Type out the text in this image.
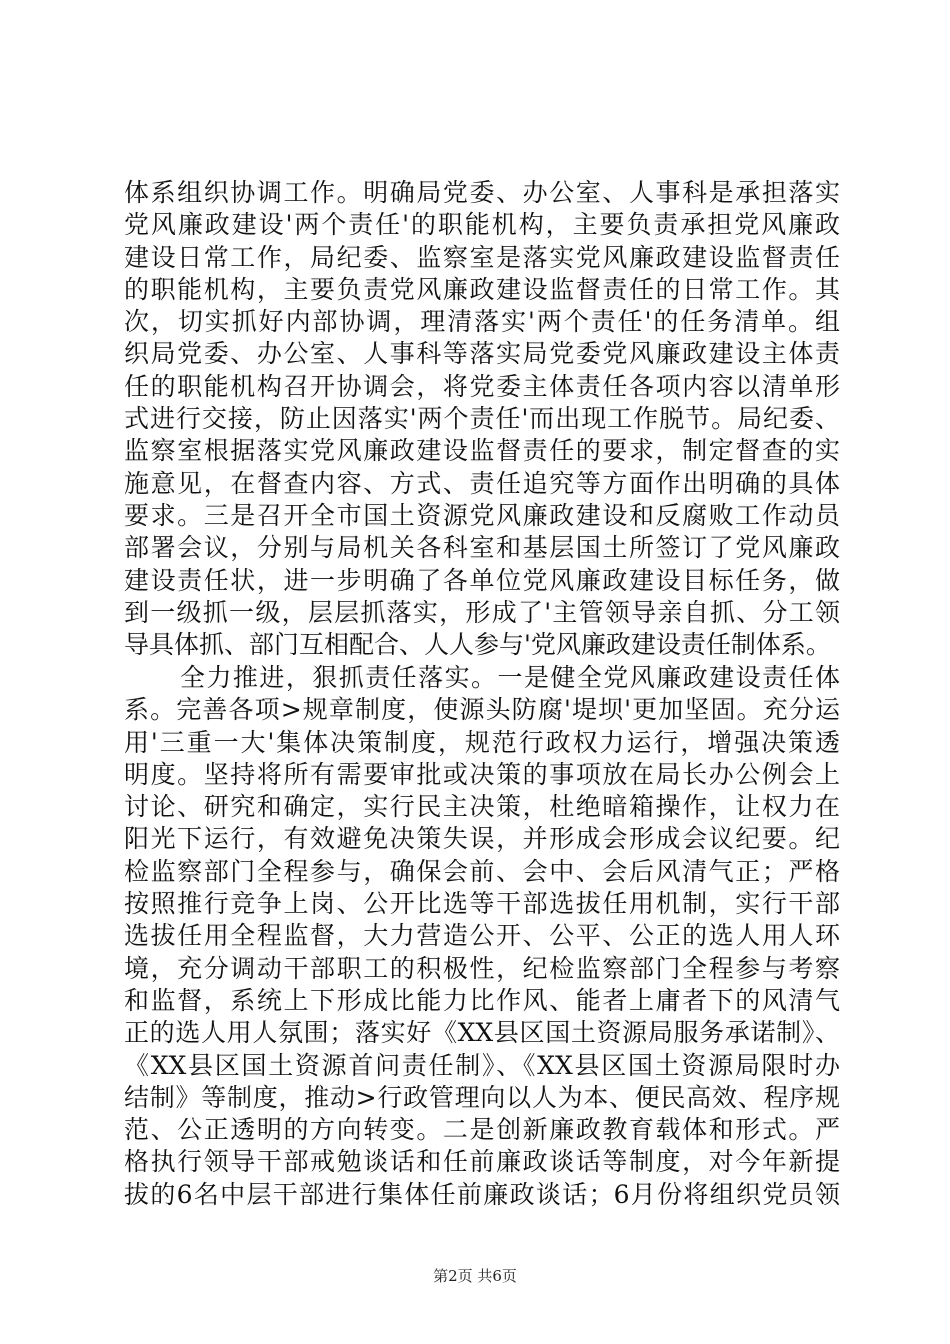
体系组织协调工作。明确局党委、办公室、人事科是承担落实
党风廉政建设'两个责任'的职能机构，主要负责承担党风廉政
建设日常工作，局纪委、监察室是落实党风廉政建设监督责任
的职能机构，主要负责党风廉政建设监督责任的日常工作。其
次，切实抓好内部协调，理清落实'两个责任'的任务清单。组
织局党委、办公室、人事科等落实局党委党风廉政建设主体责
任的职能机构召开协调会，将党委主体责任各项内容以清单形
式进行交接，防止因落实'两个责任'而出现工作脱节。局纪委、
监察室根据落实党风廉政建设监督责任的要求，制定督查的实
施意见，在督查内容、方式、责任追究等方面作出明确的具体
要求。三是召开全市国土资源党风廉政建设和反腐败工作动员
部署会议，分别与局机关各科室和基层国土所签订了党风廉政
建设责任状，进一步明确了各单位党风廉政建设目标任务，做
到一级抓一级，层层抓落实，形成了'主管领导亲自抓、分工领
导具体抓、部门互相配合、人人参与'党风廉政建设责任制体系。
全力推进，狠抓责任落实。一是健全党风廉政建设责任体
系。完善各项>规章制度，使源头防腐'堤坝'更加坚固。充分运
用'三重一大'集体决策制度，规范行政权力运行，增强决策透
明度。坚持将所有需要审批或决策的事项放在局长办公例会上
讨论、研究和确定，实行民主决策，杜绝暗箱操作，让权力在
阳光下运行，有效避免决策失误，并形成会形成会议纪要。纪
检监察部门全程参与，确保会前、会中、会后风清气正；严格
按照推行竞争上岗、公开比选等干部选拔任用机制，实行干部
选拔任用全程监督，大力营造公开、公平、公正的选人用人环
境，充分调动干部职工的积极性，纪检监察部门全程参与考察
和监督，系统上下形成比能力比作风、能者上庸者下的风清气
正的选人用人氛围；落实好《XX县区国土资源局服务承诺制》、
《XX县区国土资源首问责任制》、《XX县区国土资源局限时办
结制》等制度，推动>行政管理向以人为本、便民高效、程序规
范、公正透明的方向转变。二是创新廉政教育载体和形式。严
格执行领导干部戒勉谈话和任前廉政谈话等制度，对今年新提
拔的6名中层干部进行集体任前廉政谈话；6月份将组织党员领
第2页 共6页
